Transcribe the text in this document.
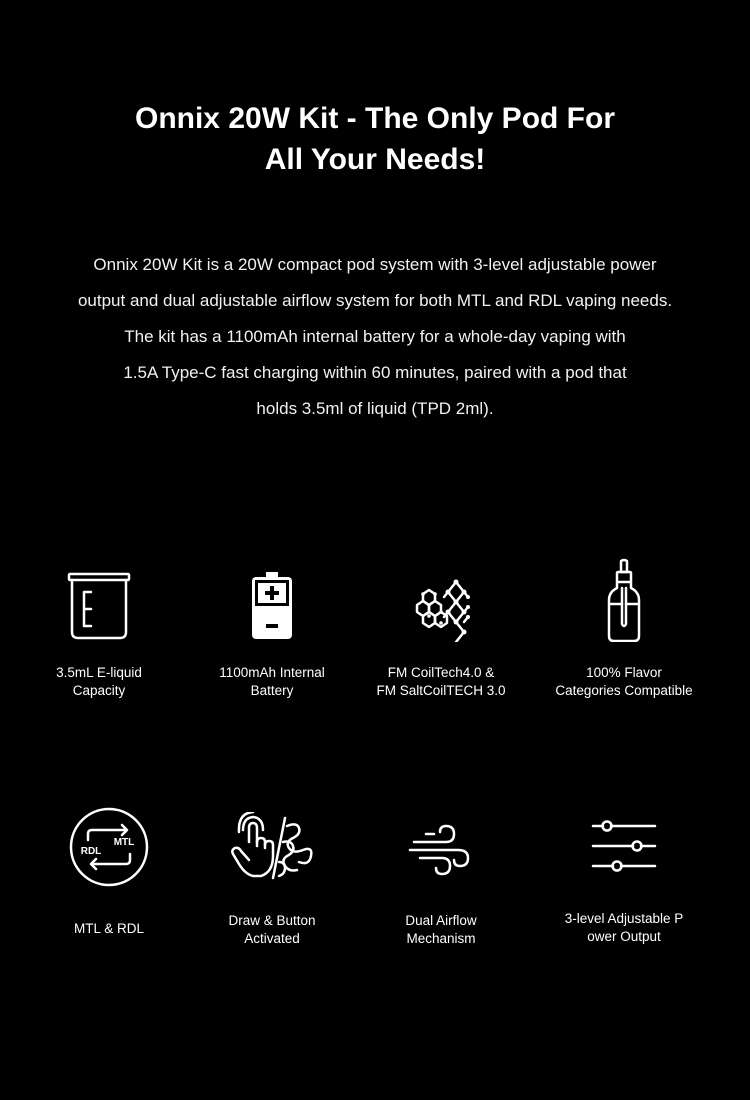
Onnix 20W Kit - The Only Pod For
All Your Needs!
Onnix 20W Kit is a 20W compact pod system with 3-level adjustable power
output and dual adjustable airflow system for both MTL and RDL vaping needs.
The kit has a 1100mAh internal battery for a whole-day vaping with
1.5A Type-C fast charging within 60 minutes, paired with a pod that
holds 3.5ml of liquid (TPD 2ml).
3.5mL E-liquid
Capacity
1100mAh Internal
Battery
FM CoilTech4.0 &
FM SaltCoilTECH 3.0
100% Flavor
Categories Compatible
MTL
RDL
MTL & RDL
Draw & Button
Activated
Dual Airflow
Mechanism
3-level Adjustable P
ower Output
